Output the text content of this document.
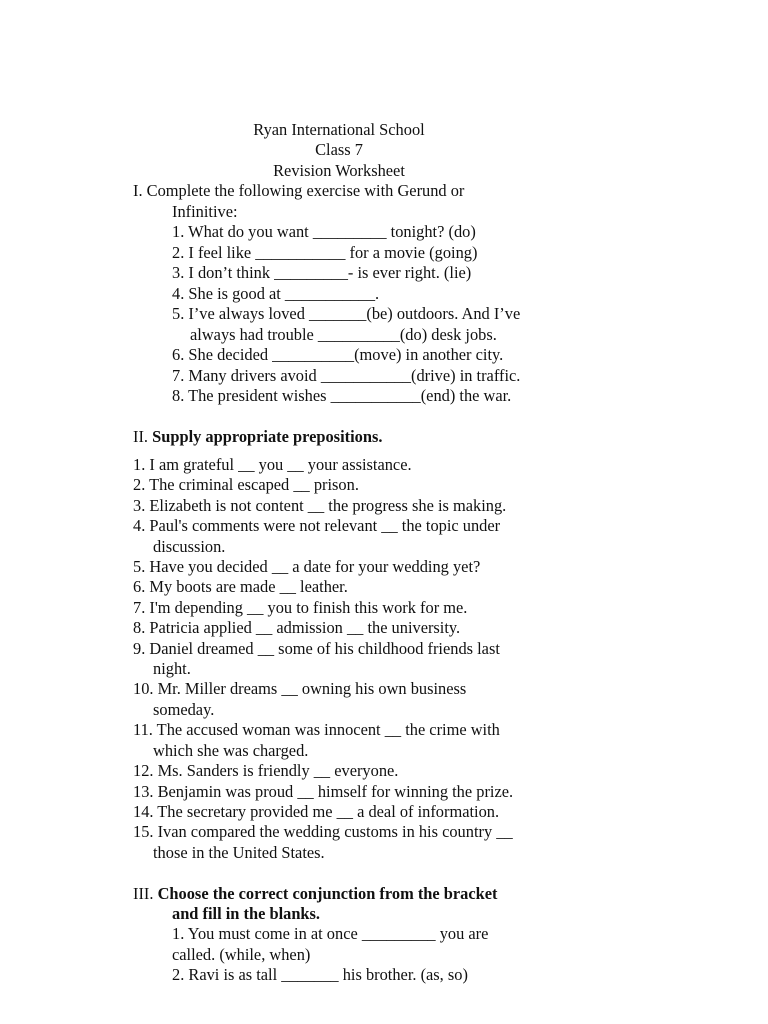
Ryan International School
Class 7
Revision Worksheet
I. Complete the following exercise with Gerund or
Infinitive:
1. What do you want _________ tonight? (do)
2. I feel like ___________ for a movie (going)
3. I don’t think _________- is ever right. (lie)
4. She is good at ___________.
5. I’ve always loved _______(be) outdoors. And I’ve
always had trouble __________(do) desk jobs.
6. She decided __________(move) in another city.
7. Many drivers avoid ___________(drive) in traffic.
8. The president wishes ___________(end) the war.
II. Supply appropriate prepositions.
1. I am grateful __ you __ your assistance.
2. The criminal escaped __ prison.
3. Elizabeth is not content __ the progress she is making.
4. Paul's comments were not relevant __ the topic under
discussion.
5. Have you decided __ a date for your wedding yet?
6. My boots are made __ leather.
7. I'm depending __ you to finish this work for me.
8. Patricia applied __ admission __ the university.
9. Daniel dreamed __ some of his childhood friends last
night.
10. Mr. Miller dreams __ owning his own business
someday.
11. The accused woman was innocent __ the crime with
which she was charged.
12. Ms. Sanders is friendly __ everyone.
13. Benjamin was proud __ himself for winning the prize.
14. The secretary provided me __ a deal of information.
15. Ivan compared the wedding customs in his country __
those in the United States.
III. Choose the correct conjunction from the bracket
and fill in the blanks.
1. You must come in at once _________ you are
called. (while, when)
2. Ravi is as tall _______ his brother. (as, so)
